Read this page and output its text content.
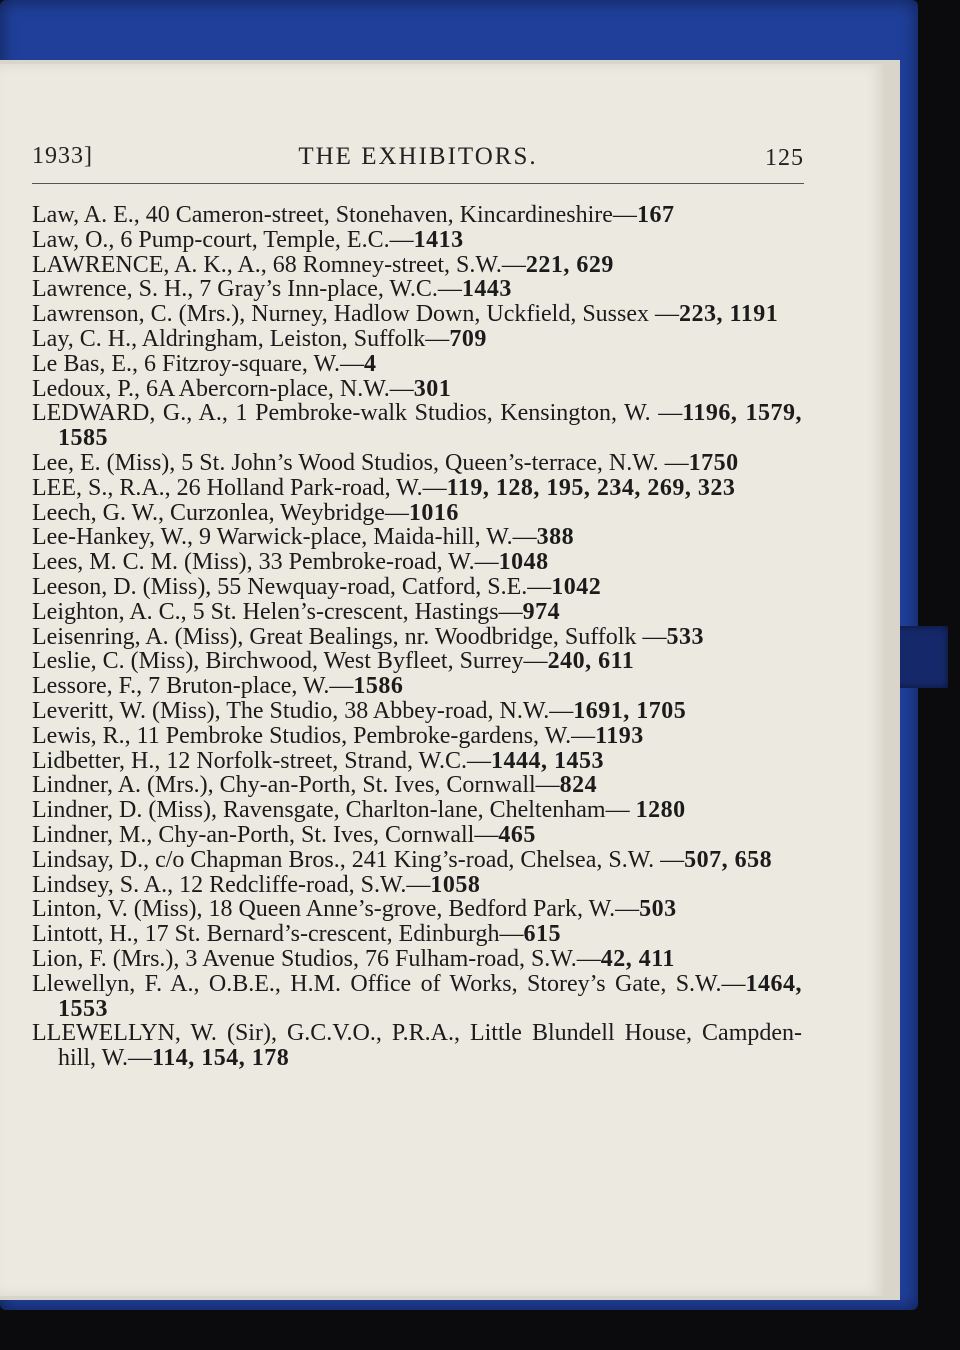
1933]	THE EXHIBITORS.	125
Law, A. E., 40 Cameron-street, Stonehaven, Kincardineshire—167
Law, O., 6 Pump-court, Temple, E.C.—1413
LAWRENCE, A. K., A., 68 Romney-street, S.W.—221, 629
Lawrence, S. H., 7 Gray’s Inn-place, W.C.—1443
Lawrenson, C. (Mrs.), Nurney, Hadlow Down, Uckfield, Sussex —223, 1191
Lay, C. H., Aldringham, Leiston, Suffolk—709
Le Bas, E., 6 Fitzroy-square, W.—4
Ledoux, P., 6A Abercorn-place, N.W.—301
LEDWARD, G., A., 1 Pembroke-walk Studios, Kensington, W. —1196, 1579, 1585
Lee, E. (Miss), 5 St. John’s Wood Studios, Queen’s-terrace, N.W. —1750
LEE, S., R.A., 26 Holland Park-road, W.—119, 128, 195, 234, 269, 323
Leech, G. W., Curzonlea, Weybridge—1016
Lee-Hankey, W., 9 Warwick-place, Maida-hill, W.—388
Lees, M. C. M. (Miss), 33 Pembroke-road, W.—1048
Leeson, D. (Miss), 55 Newquay-road, Catford, S.E.—1042
Leighton, A. C., 5 St. Helen’s-crescent, Hastings—974
Leisenring, A. (Miss), Great Bealings, nr. Woodbridge, Suffolk —533
Leslie, C. (Miss), Birchwood, West Byfleet, Surrey—240, 611
Lessore, F., 7 Bruton-place, W.—1586
Leveritt, W. (Miss), The Studio, 38 Abbey-road, N.W.—1691, 1705
Lewis, R., 11 Pembroke Studios, Pembroke-gardens, W.—1193
Lidbetter, H., 12 Norfolk-street, Strand, W.C.—1444, 1453
Lindner, A. (Mrs.), Chy-an-Porth, St. Ives, Cornwall—824
Lindner, D. (Miss), Ravensgate, Charlton-lane, Cheltenham— 1280
Lindner, M., Chy-an-Porth, St. Ives, Cornwall—465
Lindsay, D., c/o Chapman Bros., 241 King’s-road, Chelsea, S.W. —507, 658
Lindsey, S. A., 12 Redcliffe-road, S.W.—1058
Linton, V. (Miss), 18 Queen Anne’s-grove, Bedford Park, W.—503
Lintott, H., 17 St. Bernard’s-crescent, Edinburgh—615
Lion, F. (Mrs.), 3 Avenue Studios, 76 Fulham-road, S.W.—42, 411
Llewellyn, F. A., O.B.E., H.M. Office of Works, Storey’s Gate, S.W.—1464, 1553
LLEWELLYN, W. (Sir), G.C.V.O., P.R.A., Little Blundell House, Campden-hill, W.—114, 154, 178
